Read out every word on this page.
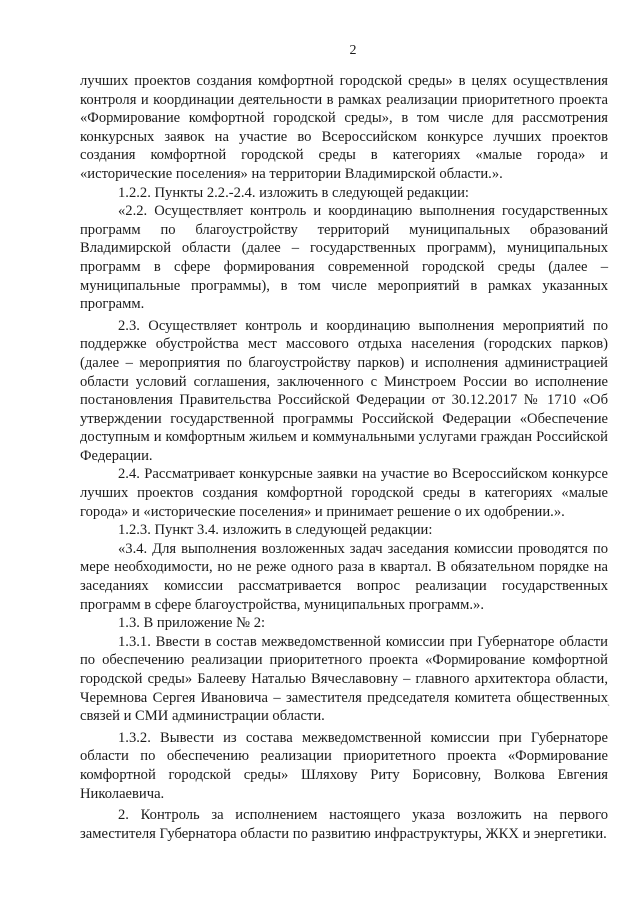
2

лучших проектов создания комфортной городской среды» в целях осуществления контроля и координации деятельности в рамках реализации приоритетного проекта «Формирование комфортной городской среды», в том числе для рассмотрения конкурсных заявок на участие во Всероссийском конкурсе лучших проектов создания комфортной городской среды в категориях «малые города» и «исторические поселения» на территории Владимирской области.».

1.2.2. Пункты 2.2.-2.4. изложить в следующей редакции:

«2.2. Осуществляет контроль и координацию выполнения государственных программ по благоустройству территорий муниципальных образований Владимирской области (далее – государственных программ), муниципальных программ в сфере формирования современной городской среды (далее – муниципальные программы), в том числе мероприятий в рамках указанных программ.

2.3. Осуществляет контроль и координацию выполнения мероприятий по поддержке обустройства мест массового отдыха населения (городских парков) (далее – мероприятия по благоустройству парков) и исполнения администрацией области условий соглашения, заключенного с Минстроем России во исполнение постановления Правительства Российской Федерации от 30.12.2017 № 1710 «Об утверждении государственной программы Российской Федерации «Обеспечение доступным и комфортным жильем и коммунальными услугами граждан Российской Федерации.

2.4. Рассматривает конкурсные заявки на участие во Всероссийском конкурсе лучших проектов создания комфортной городской среды в категориях «малые города» и «исторические поселения» и принимает решение о их одобрении.».

1.2.3. Пункт 3.4. изложить в следующей редакции:

«3.4. Для выполнения возложенных задач заседания комиссии проводятся по мере необходимости, но не реже одного раза в квартал. В обязательном порядке на заседаниях комиссии рассматривается вопрос реализации государственных программ в сфере благоустройства, муниципальных программ.».

1.3. В приложение № 2:

1.3.1. Ввести в состав межведомственной комиссии при Губернаторе области по обеспечению реализации приоритетного проекта «Формирование комфортной городской среды» Балееву Наталью Вячеславовну – главного архитектора области, Черемнова Сергея Ивановича – заместителя председателя комитета общественных связей и СМИ администрации области.

1.3.2. Вывести из состава межведомственной комиссии при Губернаторе области по обеспечению реализации приоритетного проекта «Формирование комфортной городской среды» Шляхову Риту Борисовну, Волкова Евгения Николаевича.

2. Контроль за исполнением настоящего указа возложить на первого заместителя Губернатора области по развитию инфраструктуры, ЖКХ и энергетики.

`
